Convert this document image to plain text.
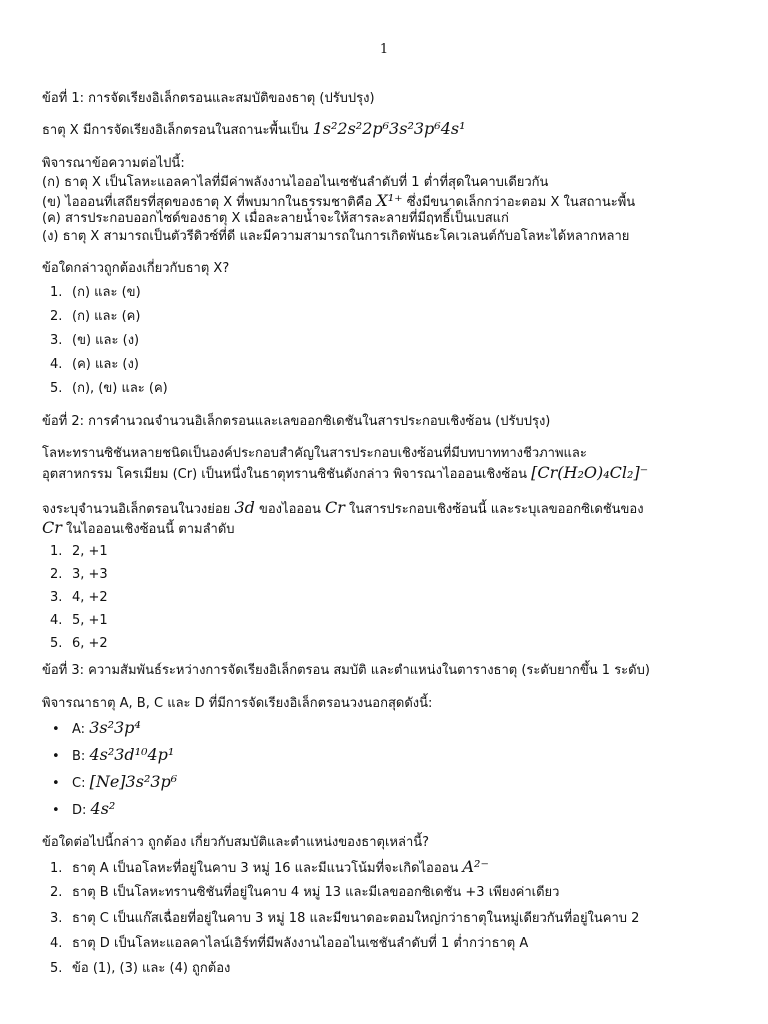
1
ข้อที่ 1: การจัดเรียงอิเล็กตรอนและสมบัติของธาตุ (ปรับปรุง)
ธาตุ X มีการจัดเรียงอิเล็กตรอนในสถานะพื้นเป็น 1s²2s²2p⁶3s²3p⁶4s¹
พิจารณาข้อความต่อไปนี้:
(ก) ธาตุ X เป็นโลหะแอลคาไลที่มีค่าพลังงานไอออไนเซชันลำดับที่ 1 ต่ำที่สุดในคาบเดียวกัน
(ข) ไอออนที่เสถียรที่สุดของธาตุ X ที่พบมากในธรรมชาติคือ X¹⁺ ซึ่งมีขนาดเล็กกว่าอะตอม X ในสถานะพื้น
(ค) สารประกอบออกไซด์ของธาตุ X เมื่อละลายน้ำจะให้สารละลายที่มีฤทธิ์เป็นเบสแก่
(ง) ธาตุ X สามารถเป็นตัวรีดิวซ์ที่ดี และมีความสามารถในการเกิดพันธะโคเวเลนต์กับอโลหะได้หลากหลาย
ข้อใดกล่าวถูกต้องเกี่ยวกับธาตุ X?
1. (ก) และ (ข)
2. (ก) และ (ค)
3. (ข) และ (ง)
4. (ค) และ (ง)
5. (ก), (ข) และ (ค)
ข้อที่ 2: การคำนวณจำนวนอิเล็กตรอนและเลขออกซิเดชันในสารประกอบเชิงซ้อน (ปรับปรุง)
โลหะทรานซิชันหลายชนิดเป็นองค์ประกอบสำคัญในสารประกอบเชิงซ้อนที่มีบทบาททางชีวภาพและ
อุตสาหกรรม โครเมียม (Cr) เป็นหนึ่งในธาตุทรานซิชันดังกล่าว พิจารณาไอออนเชิงซ้อน [Cr(H₂O)₄Cl₂]⁻
จงระบุจำนวนอิเล็กตรอนในวงย่อย 3d ของไอออน Cr ในสารประกอบเชิงซ้อนนี้ และระบุเลขออกซิเดชันของ
Cr ในไอออนเชิงซ้อนนี้ ตามลำดับ
1. 2, +1
2. 3, +3
3. 4, +2
4. 5, +1
5. 6, +2
ข้อที่ 3: ความสัมพันธ์ระหว่างการจัดเรียงอิเล็กตรอน สมบัติ และตำแหน่งในตารางธาตุ (ระดับยากขึ้น 1 ระดับ)
พิจารณาธาตุ A, B, C และ D ที่มีการจัดเรียงอิเล็กตรอนวงนอกสุดดังนี้:
• A: 3s²3p⁴
• B: 4s²3d¹⁰4p¹
• C: [Ne]3s²3p⁶
• D: 4s²
ข้อใดต่อไปนี้กล่าว ถูกต้อง เกี่ยวกับสมบัติและตำแหน่งของธาตุเหล่านี้?
1. ธาตุ A เป็นอโลหะที่อยู่ในคาบ 3 หมู่ 16 และมีแนวโน้มที่จะเกิดไอออน A²⁻
2. ธาตุ B เป็นโลหะทรานซิชันที่อยู่ในคาบ 4 หมู่ 13 และมีเลขออกซิเดชัน +3 เพียงค่าเดียว
3. ธาตุ C เป็นแก๊สเฉื่อยที่อยู่ในคาบ 3 หมู่ 18 และมีขนาดอะตอมใหญ่กว่าธาตุในหมู่เดียวกันที่อยู่ในคาบ 2
4. ธาตุ D เป็นโลหะแอลคาไลน์เอิร์ทที่มีพลังงานไอออไนเซชันลำดับที่ 1 ต่ำกว่าธาตุ A
5. ข้อ (1), (3) และ (4) ถูกต้อง
